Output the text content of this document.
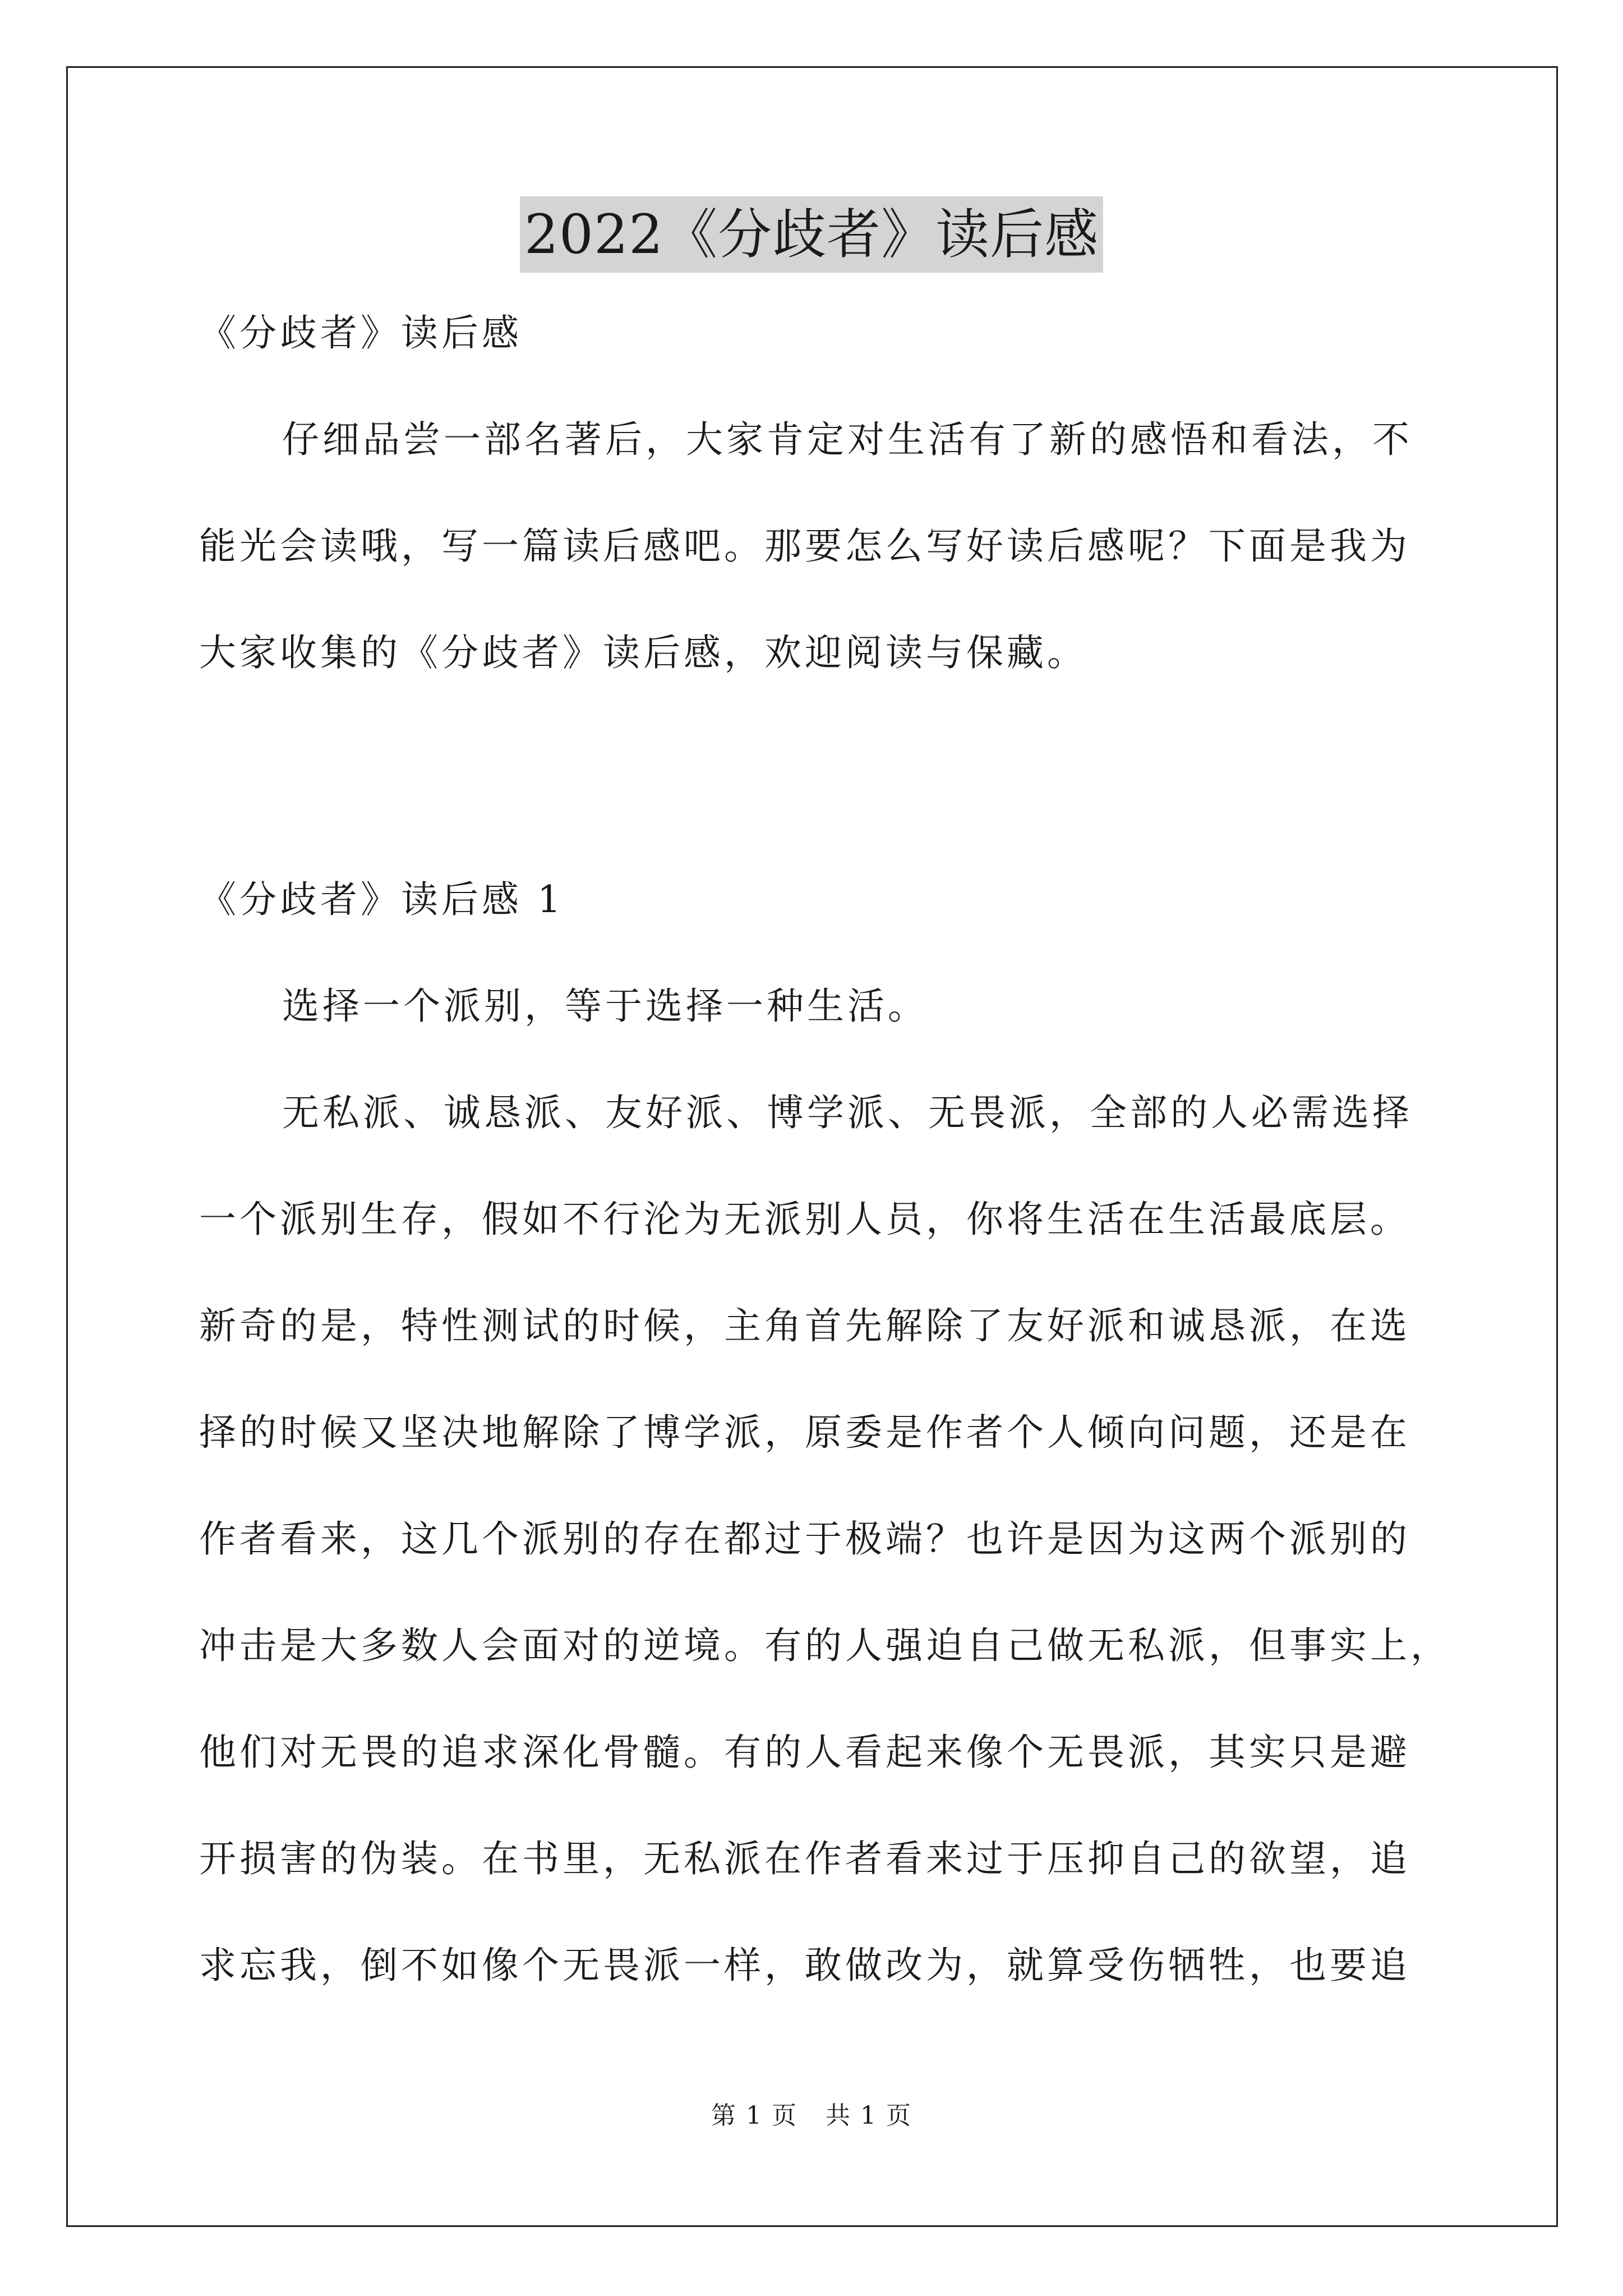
2022《分歧者》读后感
《分歧者》读后感
仔细品尝一部名著后，大家肯定对生活有了新的感悟和看法，不
能光会读哦，写一篇读后感吧。那要怎么写好读后感呢？下面是我为
大家收集的《分歧者》读后感，欢迎阅读与保藏。
《分歧者》读后感 1
选择一个派别，等于选择一种生活。
无私派、诚恳派、友好派、博学派、无畏派，全部的人必需选择
一个派别生存，假如不行沦为无派别人员，你将生活在生活最底层。
新奇的是，特性测试的时候，主角首先解除了友好派和诚恳派，在选
择的时候又坚决地解除了博学派，原委是作者个人倾向问题，还是在
作者看来，这几个派别的存在都过于极端？也许是因为这两个派别的
冲击是大多数人会面对的逆境。有的人强迫自己做无私派，但事实上，
他们对无畏的追求深化骨髓。有的人看起来像个无畏派，其实只是避
开损害的伪装。在书里，无私派在作者看来过于压抑自己的欲望，追
求忘我，倒不如像个无畏派一样，敢做改为，就算受伤牺牲，也要追
第 1 页 共 1 页
